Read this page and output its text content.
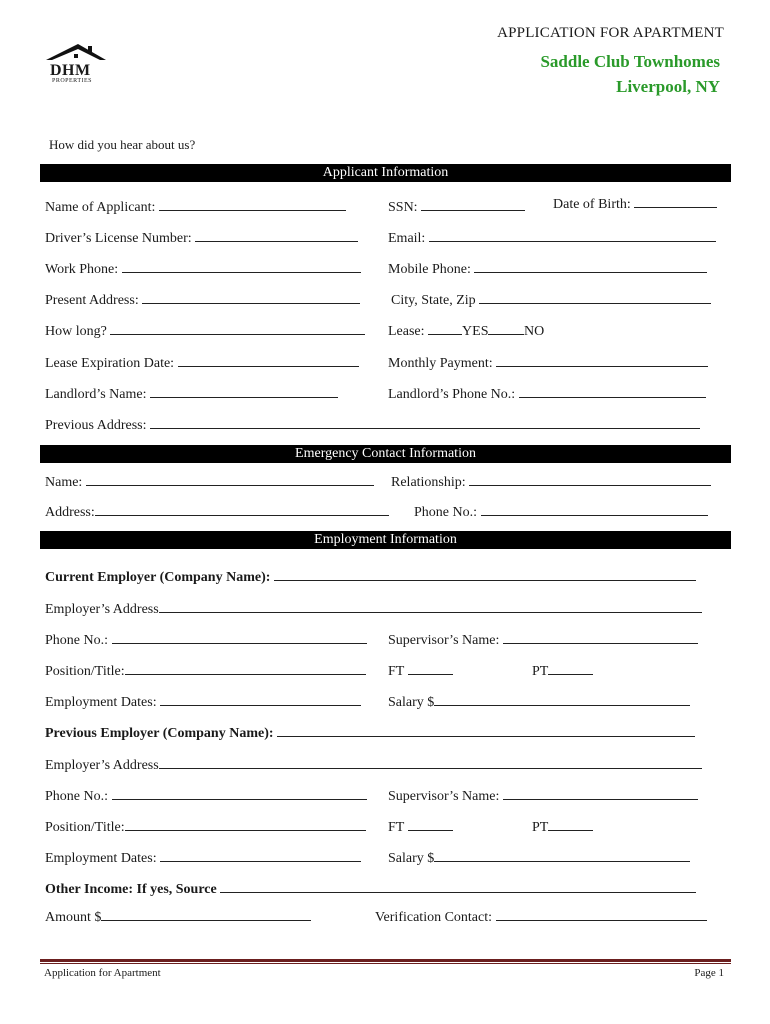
DHM
PROPERTIES
APPLICATION FOR APARTMENT
Saddle Club Townhomes
Liverpool, NY
How did you hear about us?
Applicant Information
Name of Applicant:	SSN:	Date of Birth:
Driver’s License Number:	Email:
Work Phone:	Mobile Phone:
Present Address:	City, State, Zip
How long?	Lease:	YES	NO
Lease Expiration Date:	Monthly Payment:
Landlord’s Name:	Landlord’s Phone No.:
Previous Address:
Emergency Contact Information
Name:	Relationship:
Address:	Phone No.:
Employment Information
Current Employer (Company Name):
Employer’s Address
Phone No.:	Supervisor’s Name:
Position/Title:	FT	PT
Employment Dates:	Salary $
Previous Employer (Company Name):
Employer’s Address
Phone No.:	Supervisor’s Name:
Position/Title:	FT	PT
Employment Dates:	Salary $
Other Income: If yes, Source
Amount $	Verification Contact:
Application for Apartment	Page 1
